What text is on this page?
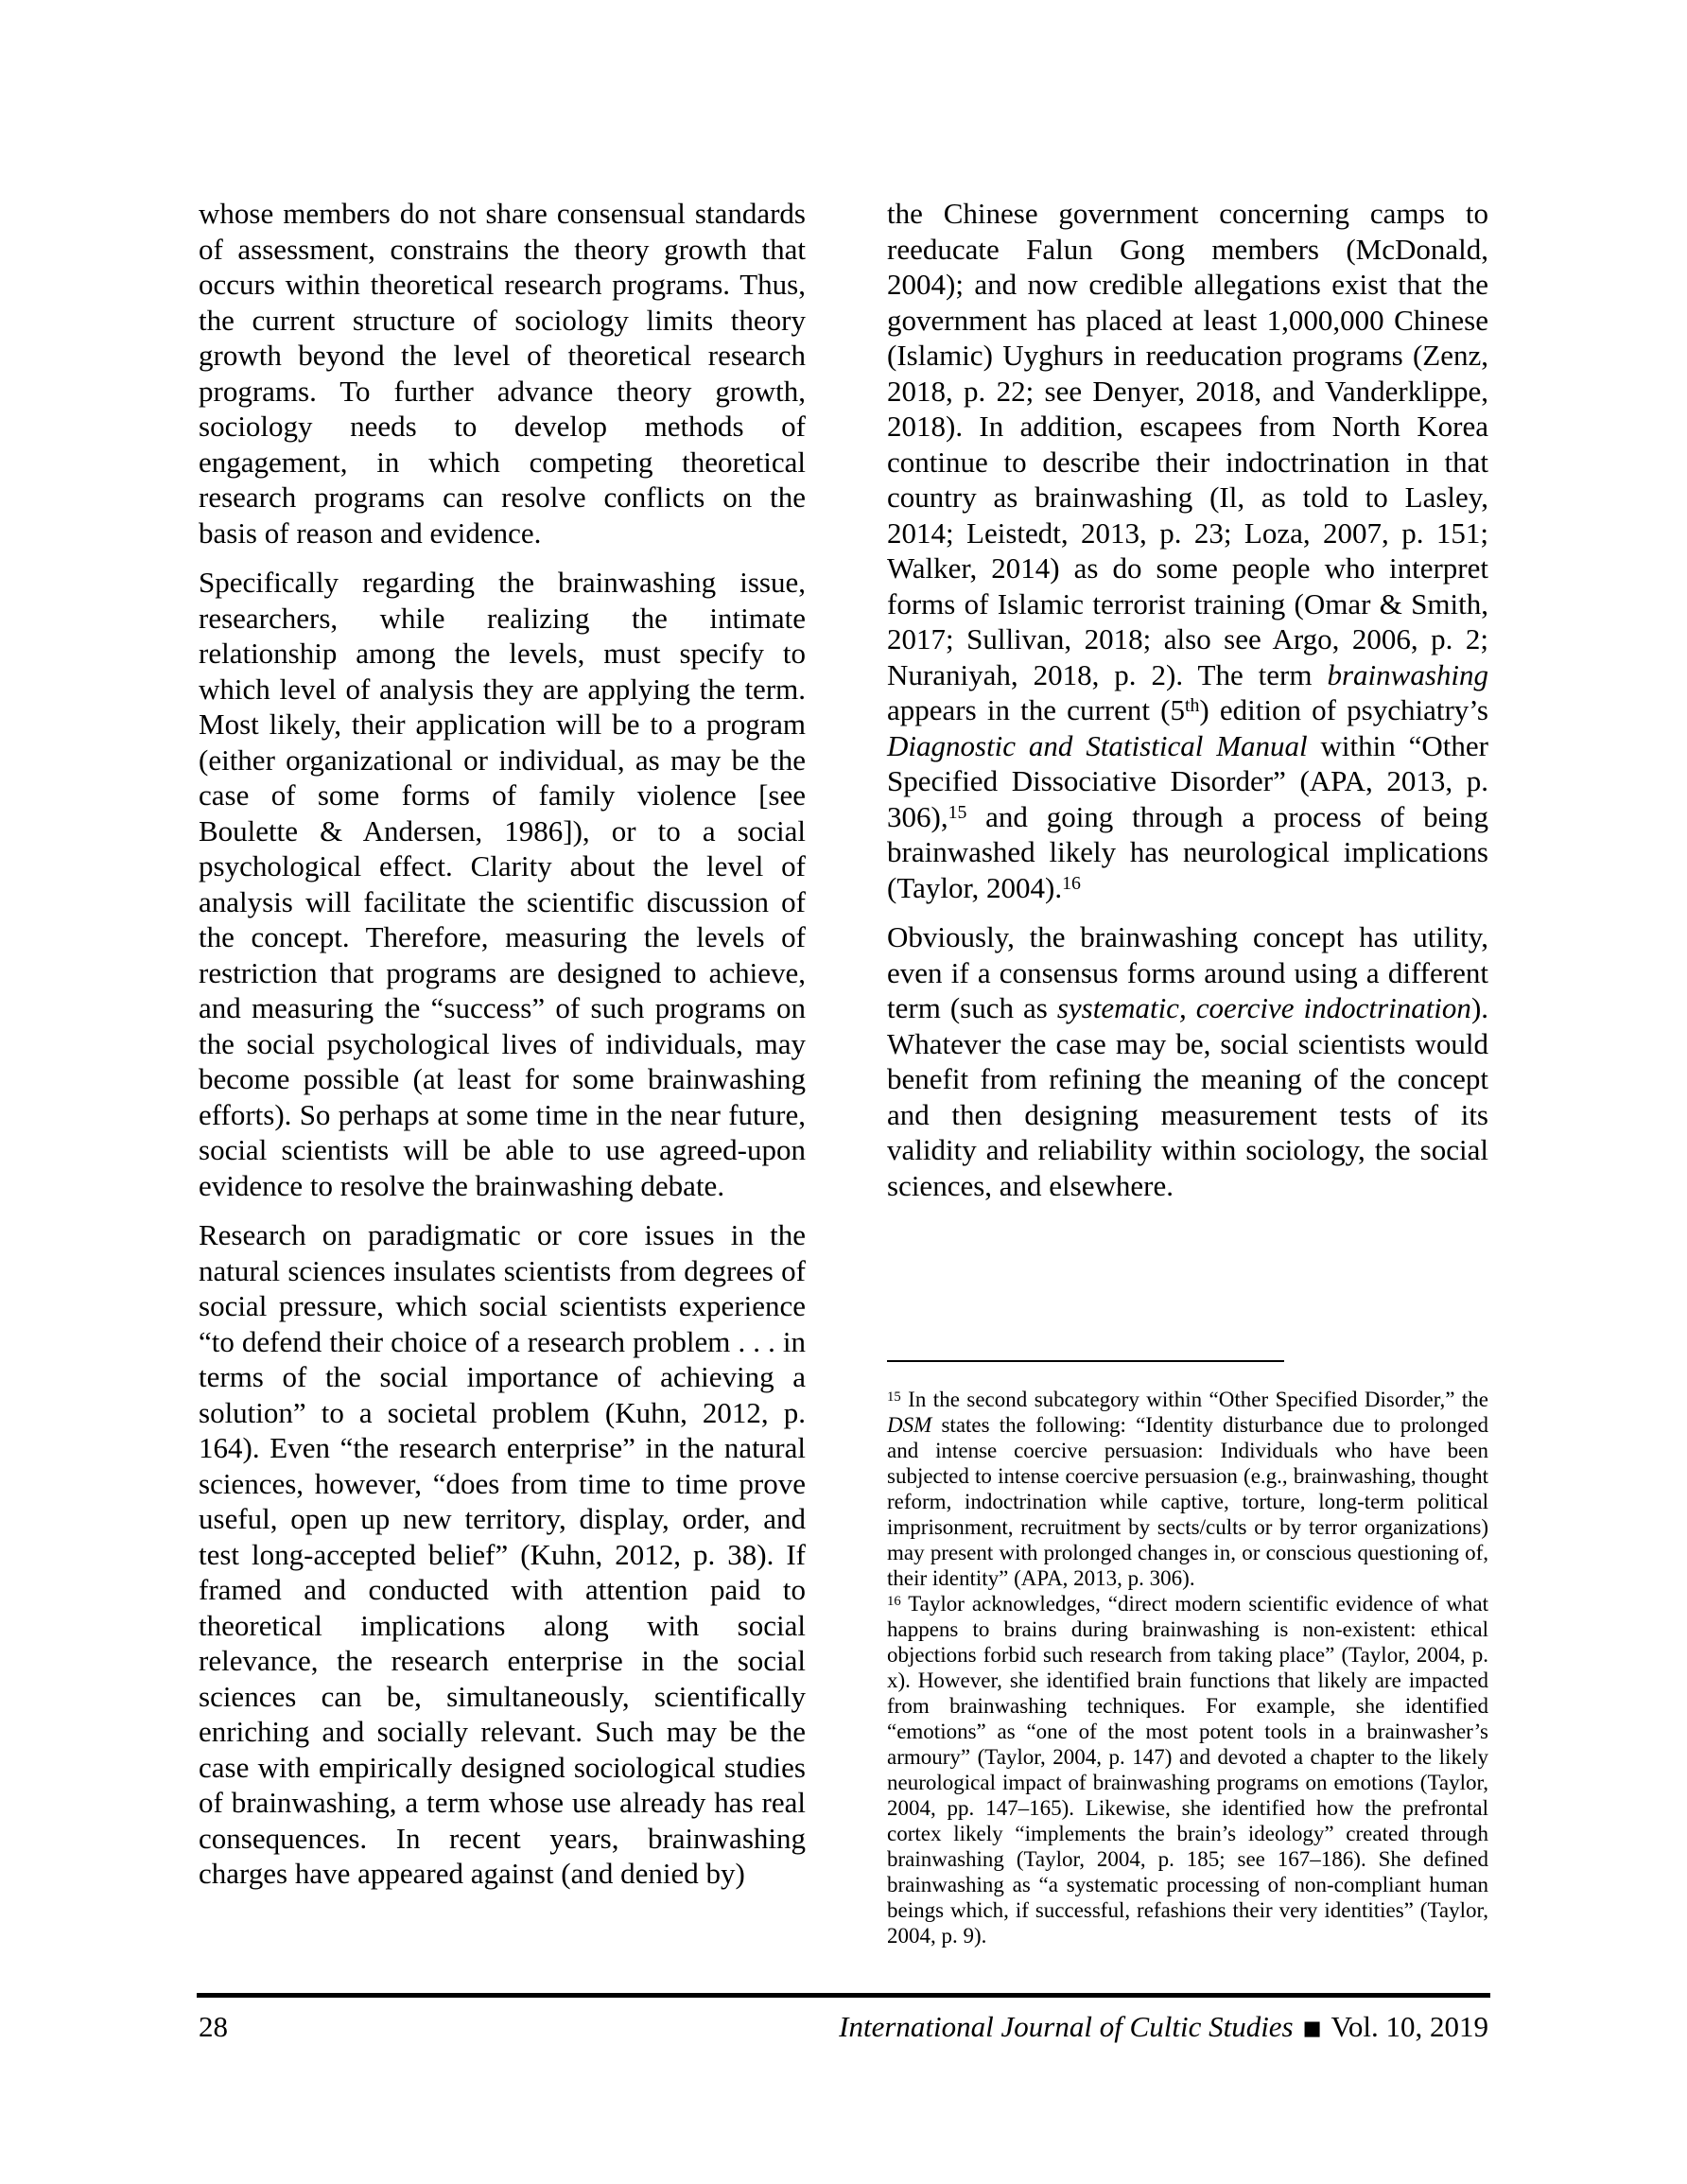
whose members do not share consensual standards of assessment, constrains the theory growth that occurs within theoretical research programs. Thus, the current structure of sociology limits theory growth beyond the level of theoretical research programs. To further advance theory growth, sociology needs to develop methods of engagement, in which competing theoretical research programs can resolve conflicts on the basis of reason and evidence.

Specifically regarding the brainwashing issue, researchers, while realizing the intimate relationship among the levels, must specify to which level of analysis they are applying the term. Most likely, their application will be to a program (either organizational or individual, as may be the case of some forms of family violence [see Boulette & Andersen, 1986]), or to a social psychological effect. Clarity about the level of analysis will facilitate the scientific discussion of the concept. Therefore, measuring the levels of restriction that programs are designed to achieve, and measuring the “success” of such programs on the social psychological lives of individuals, may become possible (at least for some brainwashing efforts). So perhaps at some time in the near future, social scientists will be able to use agreed-upon evidence to resolve the brainwashing debate.

Research on paradigmatic or core issues in the natural sciences insulates scientists from degrees of social pressure, which social scientists experience “to defend their choice of a research problem . . . in terms of the social importance of achieving a solution” to a societal problem (Kuhn, 2012, p. 164). Even “the research enterprise” in the natural sciences, however, “does from time to time prove useful, open up new territory, display, order, and test long-accepted belief” (Kuhn, 2012, p. 38). If framed and conducted with attention paid to theoretical implications along with social relevance, the research enterprise in the social sciences can be, simultaneously, scientifically enriching and socially relevant. Such may be the case with empirically designed sociological studies of brainwashing, a term whose use already has real consequences. In recent years, brainwashing charges have appeared against (and denied by)

the Chinese government concerning camps to reeducate Falun Gong members (McDonald, 2004); and now credible allegations exist that the government has placed at least 1,000,000 Chinese (Islamic) Uyghurs in reeducation programs (Zenz, 2018, p. 22; see Denyer, 2018, and Vanderklippe, 2018). In addition, escapees from North Korea continue to describe their indoctrination in that country as brainwashing (Il, as told to Lasley, 2014; Leistedt, 2013, p. 23; Loza, 2007, p. 151; Walker, 2014) as do some people who interpret forms of Islamic terrorist training (Omar & Smith, 2017; Sullivan, 2018; also see Argo, 2006, p. 2; Nuraniyah, 2018, p. 2). The term brainwashing appears in the current (5th) edition of psychiatry’s Diagnostic and Statistical Manual within “Other Specified Dissociative Disorder” (APA, 2013, p. 306),$^{15}$ and going through a process of being brainwashed likely has neurological implications (Taylor, 2004).$^{16}$

Obviously, the brainwashing concept has utility, even if a consensus forms around using a different term (such as systematic, coercive indoctrination). Whatever the case may be, social scientists would benefit from refining the meaning of the concept and then designing measurement tests of its validity and reliability within sociology, the social sciences, and elsewhere.

$^{15}$ In the second subcategory within “Other Specified Disorder,” the DSM states the following: “Identity disturbance due to prolonged and intense coercive persuasion: Individuals who have been subjected to intense coercive persuasion (e.g., brainwashing, thought reform, indoctrination while captive, torture, long-term political imprisonment, recruitment by sects/cults or by terror organizations) may present with prolonged changes in, or conscious questioning of, their identity” (APA, 2013, p. 306).

$^{16}$ Taylor acknowledges, “direct modern scientific evidence of what happens to brains during brainwashing is non-existent: ethical objections forbid such research from taking place” (Taylor, 2004, p. x). However, she identified brain functions that likely are impacted from brainwashing techniques. For example, she identified “emotions” as “one of the most potent tools in a brainwasher’s armoury” (Taylor, 2004, p. 147) and devoted a chapter to the likely neurological impact of brainwashing programs on emotions (Taylor, 2004, pp. 147–165). Likewise, she identified how the prefrontal cortex likely “implements the brain’s ideology” created through brainwashing (Taylor, 2004, p. 185; see 167–186). She defined brainwashing as “a systematic processing of non-compliant human beings which, if successful, refashions their very identities” (Taylor, 2004, p. 9).

28	International Journal of Cultic Studies ■ Vol. 10, 2019
